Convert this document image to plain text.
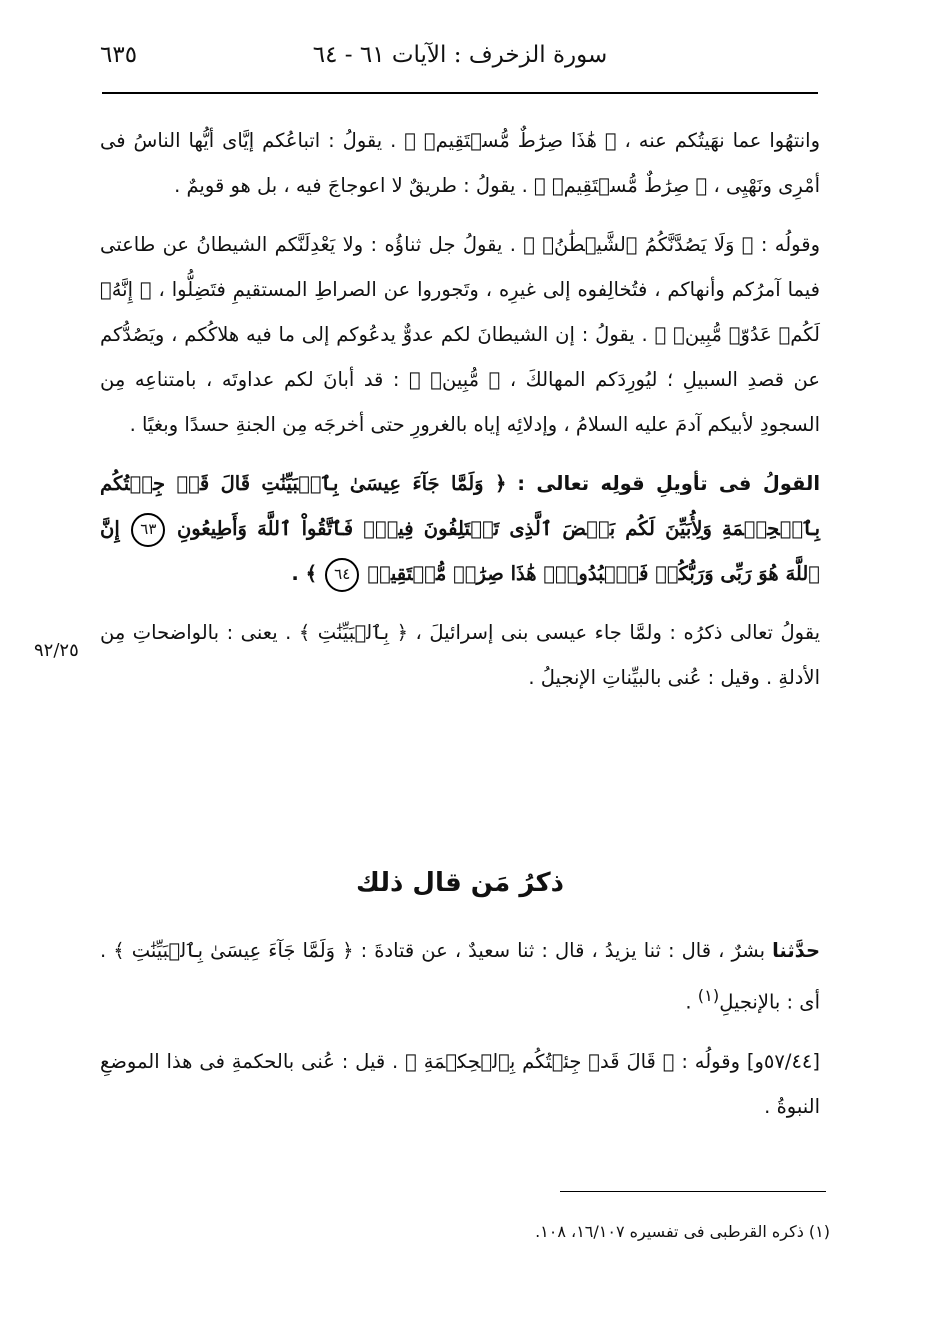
سورة الزخرف : الآيات ٦١ - ٦٤
٦٣٥

وانتهُوا عما نهَيتُكم عنه ، ﴿ هَٰذَا صِرَٰطٌ مُّسۡتَقِيمٞ ﴾ . يقولُ : اتباعُكم إيَّاى أيُّها الناسُ فى أمْرِى ونَهْيِى ، ﴿ صِرَٰطٌ مُّسۡتَقِيمٞ ﴾ . يقولُ : طريقٌ لا اعوجاجَ فيه ، بل هو قويمٌ .

وقولُه : ﴿ وَلَا يَصُدَّنَّكُمُ ٱلشَّيۡطَٰنُۖ ﴾ . يقولُ جل ثناؤُه : ولا يَعْدِلَنَّكم الشيطانُ عن طاعتى فيما آمرُكم وأنهاكم ، فتُخالِفوه إلى غيرِه ، وتَجوروا عن الصراطِ المستقيمِ فتَضِلُّوا ، ﴿ إِنَّهُۥ لَكُمۡ عَدُوّٞ مُّبِينٞ ﴾ . يقولُ : إن الشيطانَ لكم عدوٌّ يدعُوكم إلى ما فيه هلاكُكم ، ويَصُدُّكم عن قصدِ السبيلِ ؛ ليُورِدَكم المهالكَ ، ﴿ مُّبِينٞ ﴾ : قد أبانَ لكم عداوتَه ، بامتناعِه مِن السجودِ لأبيكم آدمَ عليه السلامُ ، وإدلائِه إياه بالغرورِ حتى أخرجَه مِن الجنةِ حسدًا وبغيًا .

القولُ فى تأويلِ قولِه تعالى : ﴿ وَلَمَّا جَآءَ عِيسَىٰ بِٱلۡبَيِّنَٰتِ قَالَ قَدۡ جِئۡتُكُم بِٱلۡحِكۡمَةِ وَلِأُبَيِّنَ لَكُم بَعۡضَ ٱلَّذِى تَخۡتَلِفُونَ فِيهِۖ فَٱتَّقُواْ ٱللَّهَ وَأَطِيعُونِ ٦٣ إِنَّ ٱللَّهَ هُوَ رَبِّى وَرَبُّكُمۡ فَٱعۡبُدُوهُۚ هَٰذَا صِرَٰطٞ مُّسۡتَقِيمٞ ٦٤ ﴾ .

يقولُ تعالى ذكرُه : ولمَّا جاء عيسى بنى إسرائيلَ ، ﴿ بِٱلۡبَيِّنَٰتِ ﴾ . يعنى : بالواضحاتِ مِن الأدلةِ . وقيل : عُنى بالبيِّناتِ الإنجيلُ .

٩٢/٢٥
ذكرُ مَن قال ذلك

حدَّثنا بشرٌ ، قال : ثنا يزيدُ ، قال : ثنا سعيدٌ ، عن قتادةَ : ﴿ وَلَمَّا جَآءَ عِيسَىٰ بِٱلۡبَيِّنَٰتِ ﴾ . أى : بالإنجيلِ$^{(١)}$ .

[٥٧/٤٤و] وقولُه : ﴿ قَالَ قَدۡ جِئۡتُكُم بِٱلۡحِكۡمَةِ ﴾ . قيل : عُنى بالحكمةِ فى هذا الموضعِ النبوةُ .

(١) ذكره القرطبى فى تفسيره ١٦/١٠٧، ١٠٨.
